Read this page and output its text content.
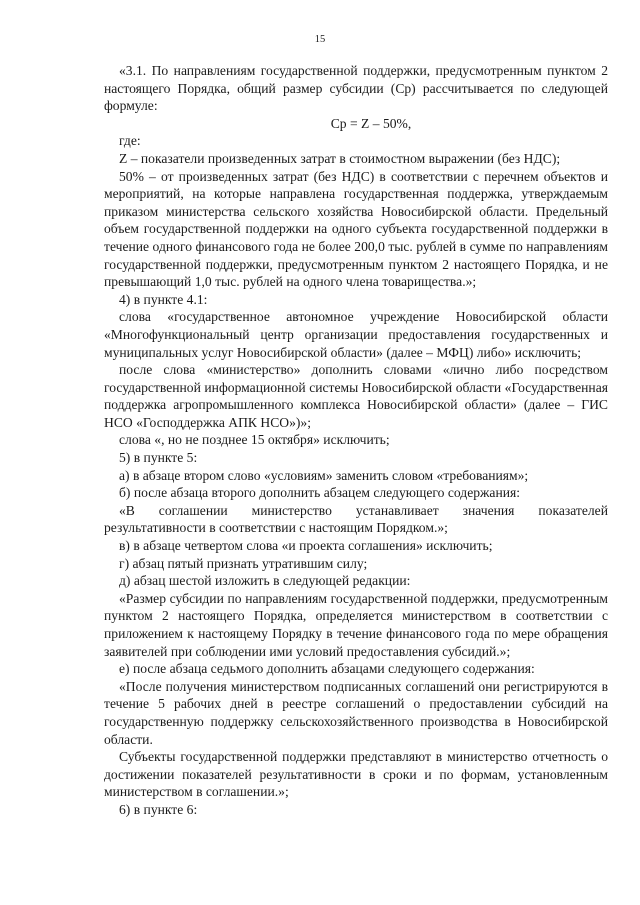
15

«3.1. По направлениям государственной поддержки, предусмотренным пунктом 2 настоящего Порядка, общий размер субсидии (Ср) рассчитывается по следующей формуле:

Ср = Z – 50%,

где:

Z – показатели произведенных затрат в стоимостном выражении (без НДС);

50% – от произведенных затрат (без НДС) в соответствии с перечнем объектов и мероприятий, на которые направлена государственная поддержка, утверждаемым приказом министерства сельского хозяйства Новосибирской области. Предельный объем государственной поддержки на одного субъекта государственной поддержки в течение одного финансового года не более 200,0 тыс. рублей в сумме по направлениям государственной поддержки, предусмотренным пунктом 2 настоящего Порядка, и не превышающий 1,0 тыс. рублей на одного члена товарищества.»;

4) в пункте 4.1:

слова «государственное автономное учреждение Новосибирской области «Многофункциональный центр организации предоставления государственных и муниципальных услуг Новосибирской области» (далее – МФЦ) либо» исключить;

после слова «министерство» дополнить словами «лично либо посредством государственной информационной системы Новосибирской области «Государственная поддержка агропромышленного комплекса Новосибирской области» (далее – ГИС НСО «Господдержка АПК НСО»)»;

слова «, но не позднее 15 октября» исключить;

5) в пункте 5:

а) в абзаце втором слово «условиям» заменить словом «требованиям»;

б) после абзаца второго дополнить абзацем следующего содержания:

«В соглашении министерство устанавливает значения показателей результативности в соответствии с настоящим Порядком.»;

в) в абзаце четвертом слова «и проекта соглашения» исключить;

г) абзац пятый признать утратившим силу;

д) абзац шестой изложить в следующей редакции:

«Размер субсидии по направлениям государственной поддержки, предусмотренным пунктом 2 настоящего Порядка, определяется министерством в соответствии с приложением к настоящему Порядку в течение финансового года по мере обращения заявителей при соблюдении ими условий предоставления субсидий.»;

е) после абзаца седьмого дополнить абзацами следующего содержания:

«После получения министерством подписанных соглашений они регистрируются в течение 5 рабочих дней в реестре соглашений о предоставлении субсидий на государственную поддержку сельскохозяйственного производства в Новосибирской области.

Субъекты государственной поддержки представляют в министерство отчетность о достижении показателей результативности в сроки и по формам, установленным министерством в соглашении.»;

6) в пункте 6:
